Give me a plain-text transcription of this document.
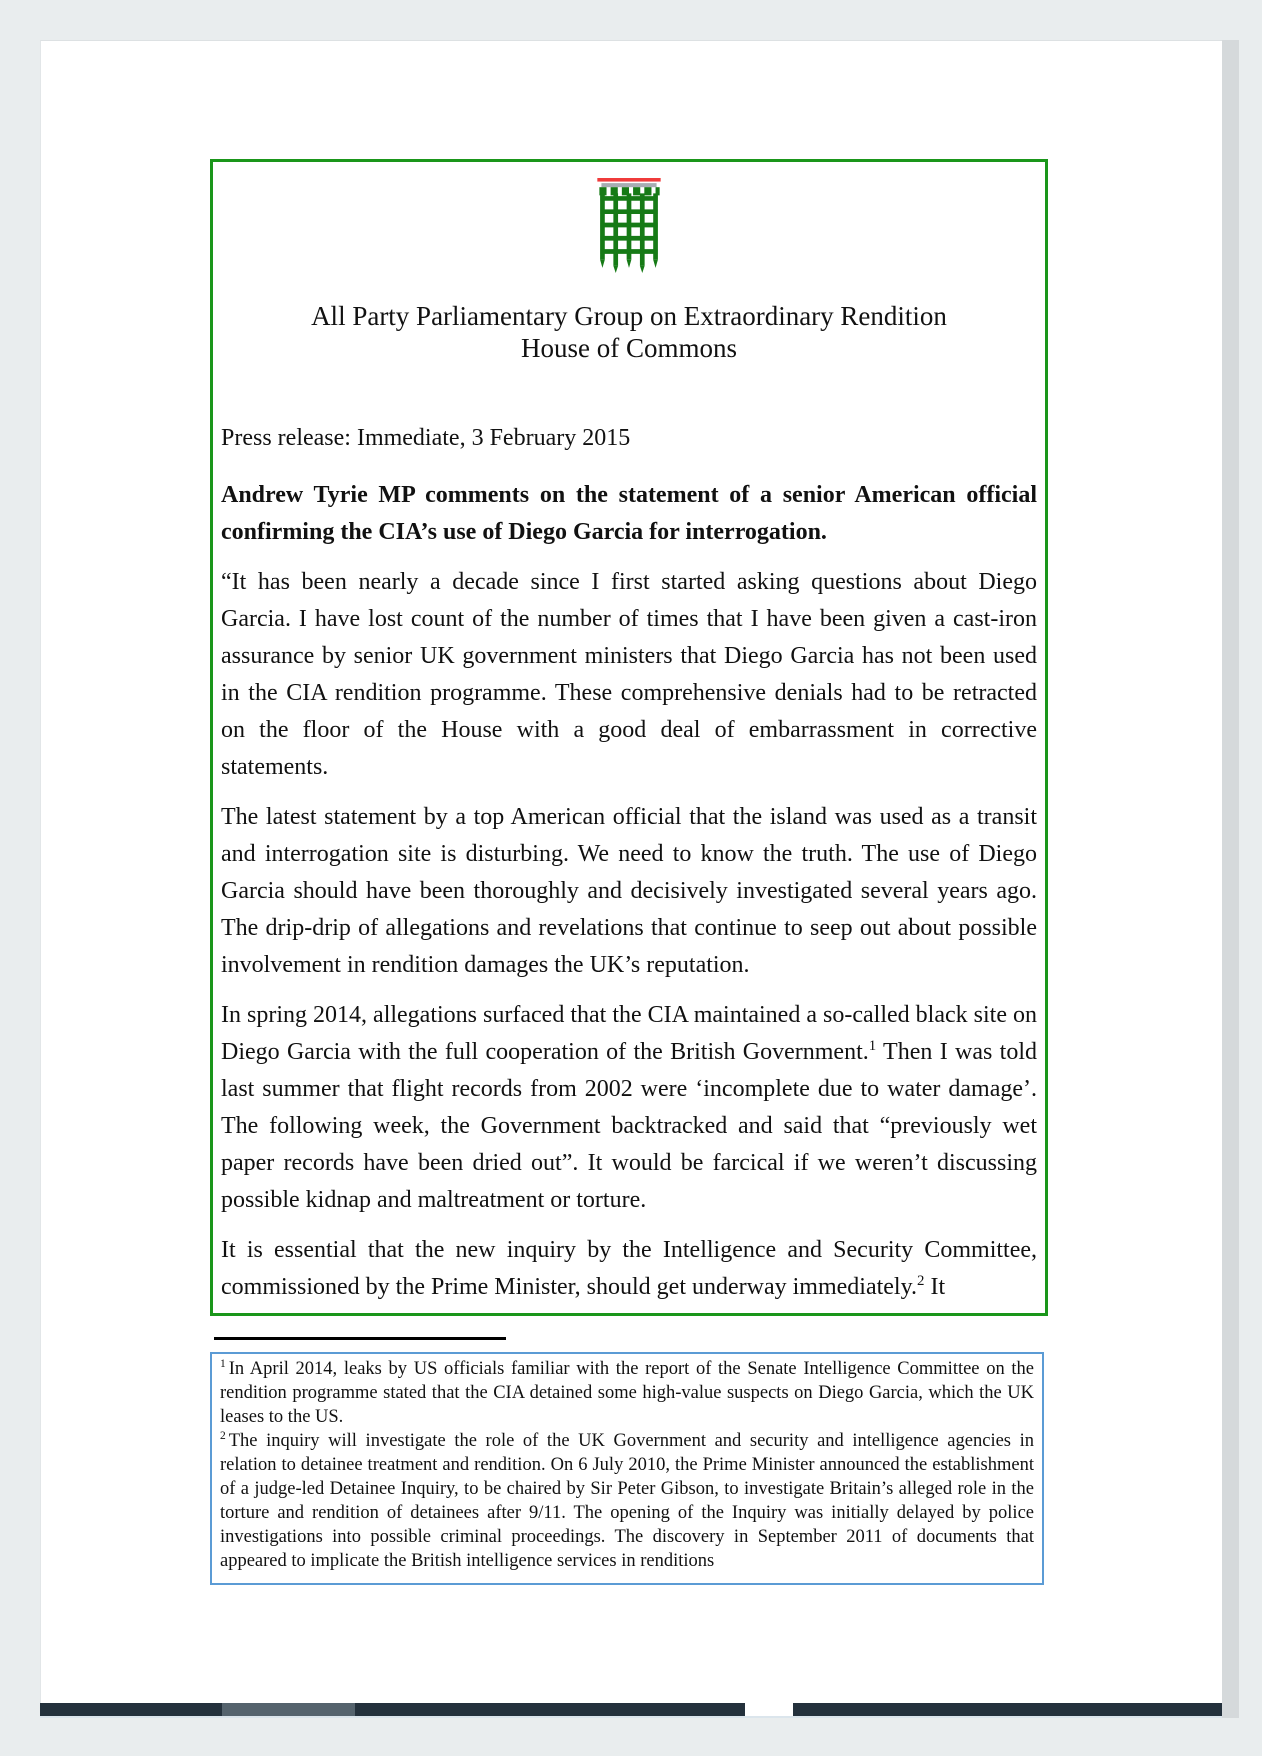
All Party Parliamentary Group on Extraordinary Rendition
House of Commons

Press release: Immediate, 3 February 2015

Andrew Tyrie MP comments on the statement of a senior American official confirming the CIA’s use of Diego Garcia for interrogation.

“It has been nearly a decade since I first started asking questions about Diego Garcia. I have lost count of the number of times that I have been given a cast-iron assurance by senior UK government ministers that Diego Garcia has not been used in the CIA rendition programme. These comprehensive denials had to be retracted on the floor of the House with a good deal of embarrassment in corrective statements.

The latest statement by a top American official that the island was used as a transit and interrogation site is disturbing. We need to know the truth. The use of Diego Garcia should have been thoroughly and decisively investigated several years ago. The drip-drip of allegations and revelations that continue to seep out about possible involvement in rendition damages the UK’s reputation.

In spring 2014, allegations surfaced that the CIA maintained a so-called black site on Diego Garcia with the full cooperation of the British Government.$^1$ Then I was told last summer that flight records from 2002 were ‘incomplete due to water damage’. The following week, the Government backtracked and said that “previously wet paper records have been dried out”. It would be farcical if we weren’t discussing possible kidnap and maltreatment or torture.

It is essential that the new inquiry by the Intelligence and Security Committee, commissioned by the Prime Minister, should get underway immediately.$^2$ It

$^1$ In April 2014, leaks by US officials familiar with the report of the Senate Intelligence Committee on the rendition programme stated that the CIA detained some high-value suspects on Diego Garcia, which the UK leases to the US.

$^2$ The inquiry will investigate the role of the UK Government and security and intelligence agencies in relation to detainee treatment and rendition. On 6 July 2010, the Prime Minister announced the establishment of a judge-led Detainee Inquiry, to be chaired by Sir Peter Gibson, to investigate Britain’s alleged role in the torture and rendition of detainees after 9/11. The opening of the Inquiry was initially delayed by police investigations into possible criminal proceedings. The discovery in September 2011 of documents that appeared to implicate the British intelligence services in renditions
